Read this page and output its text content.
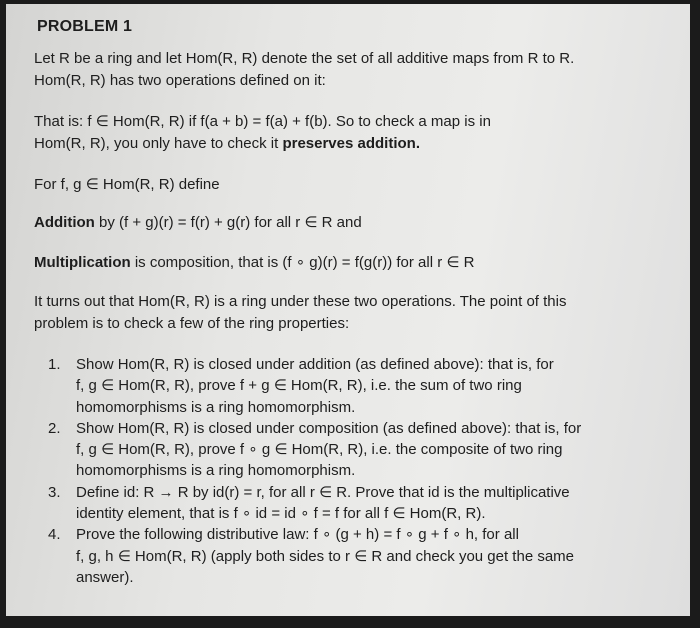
PROBLEM 1
Let R be a ring and let Hom(R, R) denote the set of all additive maps from R to R.
Hom(R, R) has two operations defined on it:
That is: f ∈ Hom(R, R) if f(a + b) = f(a) + f(b). So to check a map is in
Hom(R, R), you only have to check it preserves addition.
For f, g ∈ Hom(R, R) define
Addition by (f + g)(r) = f(r) + g(r) for all r ∈ R and
Multiplication is composition, that is (f ∘ g)(r) = f(g(r)) for all r ∈ R
It turns out that Hom(R, R) is a ring under these two operations. The point of this
problem is to check a few of the ring properties:
1. Show Hom(R, R) is closed under addition (as defined above): that is, for
f, g ∈ Hom(R, R), prove f + g ∈ Hom(R, R), i.e. the sum of two ring
homomorphisms is a ring homomorphism.
2. Show Hom(R, R) is closed under composition (as defined above): that is, for
f, g ∈ Hom(R, R), prove f ∘ g ∈ Hom(R, R), i.e. the composite of two ring
homomorphisms is a ring homomorphism.
3. Define id: R → R by id(r) = r, for all r ∈ R. Prove that id is the multiplicative
identity element, that is f ∘ id = id ∘ f = f for all f ∈ Hom(R, R).
4. Prove the following distributive law: f ∘ (g + h) = f ∘ g + f ∘ h, for all
f, g, h ∈ Hom(R, R) (apply both sides to r ∈ R and check you get the same
answer).
